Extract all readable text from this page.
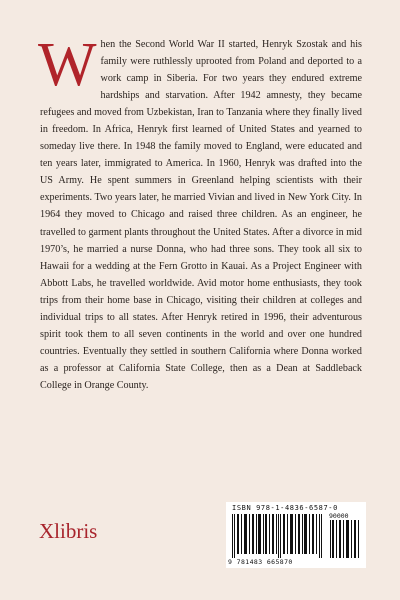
When the Second World War II started, Henryk Szostak and his family were ruthlessly uprooted from Poland and deported to a work camp in Siberia. For two years they endured extreme hardships and starvation. After 1942 amnesty, they became refugees and moved from Uzbekistan, Iran to Tanzania where they finally lived in freedom. In Africa, Henryk first learned of United States and yearned to someday live there. In 1948 the family moved to England, were educated and ten years later, immigrated to America. In 1960, Henryk was drafted into the US Army. He spent summers in Greenland helping scientists with their experiments. Two years later, he married Vivian and lived in New York City. In 1964 they moved to Chicago and raised three children. As an engineer, he travelled to garment plants throughout the United States. After a divorce in mid 1970’s, he married a nurse Donna, who had three sons. They took all six to Hawaii for a wedding at the Fern Grotto in Kauai. As a Project Engineer with Abbott Labs, he travelled worldwide. Avid motor home enthusiasts, they took trips from their home base in Chicago, visiting their children at colleges and individual trips to all states. After Henryk retired in 1996, their adventurous spirit took them to all seven continents in the world and over one hundred countries. Eventually they settled in southern California where Donna worked as a professor at California State College, then as a Dean at Saddleback College in Orange County.
Xlibris
ISBN 978-1-4836-6587-0
90000
9 781483 665870
